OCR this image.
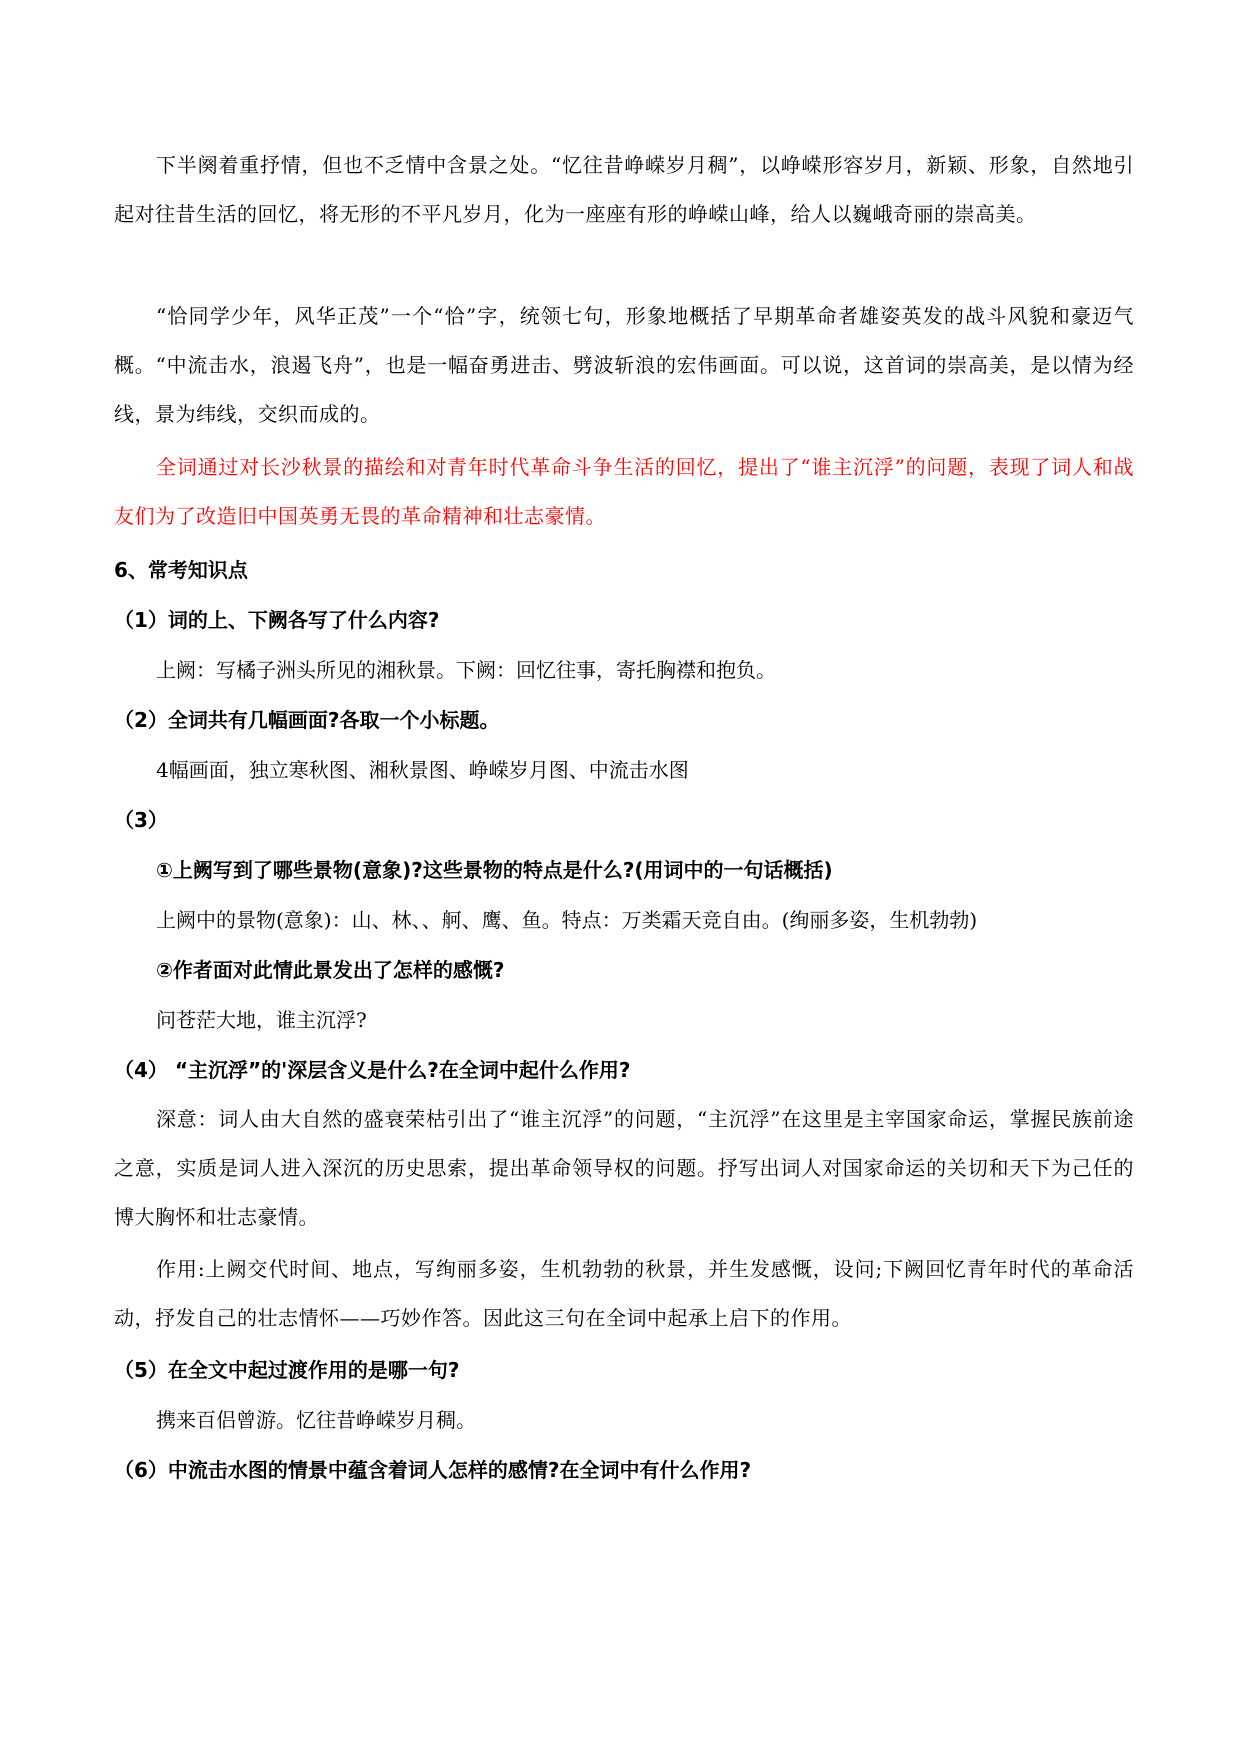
下半阕着重抒情，但也不乏情中含景之处。“忆往昔峥嵘岁月稠”，以峥嵘形容岁月，新颖、形象，自然地引起对往昔生活的回忆，将无形的不平凡岁月，化为一座座有形的峥嵘山峰，给人以巍峨奇丽的崇高美。

“恰同学少年，风华正茂”一个“恰”字，统领七句，形象地概括了早期革命者雄姿英发的战斗风貌和豪迈气概。“中流击水，浪遏飞舟”，也是一幅奋勇进击、劈波斩浪的宏伟画面。可以说，这首词的崇高美，是以情为经线，景为纬线，交织而成的。

全词通过对长沙秋景的描绘和对青年时代革命斗争生活的回忆，提出了“谁主沉浮”的问题，表现了词人和战友们为了改造旧中国英勇无畏的革命精神和壮志豪情。

6、常考知识点

（1）词的上、下阙各写了什么内容?

上阙：写橘子洲头所见的湘秋景。下阙：回忆往事，寄托胸襟和抱负。

（2）全词共有几幅画面?各取一个小标题。

4幅画面，独立寒秋图、湘秋景图、峥嵘岁月图、中流击水图

（3）

①上阙写到了哪些景物(意象)?这些景物的特点是什么?(用词中的一句话概括)

上阙中的景物(意象)：山、林、、舸、鹰、鱼。特点：万类霜天竞自由。(绚丽多姿，生机勃勃)

②作者面对此情此景发出了怎样的感慨?

问苍茫大地，谁主沉浮?

（4） “主沉浮”的'深层含义是什么?在全词中起什么作用?

深意：词人由大自然的盛衰荣枯引出了“谁主沉浮”的问题，“主沉浮”在这里是主宰国家命运，掌握民族前途之意，实质是词人进入深沉的历史思索，提出革命领导权的问题。抒写出词人对国家命运的关切和天下为己任的博大胸怀和壮志豪情。

作用:上阙交代时间、地点，写绚丽多姿，生机勃勃的秋景，并生发感慨，设问;下阙回忆青年时代的革命活动，抒发自己的壮志情怀——巧妙作答。因此这三句在全词中起承上启下的作用。

（5）在全文中起过渡作用的是哪一句?

携来百侣曾游。忆往昔峥嵘岁月稠。

（6）中流击水图的情景中蕴含着词人怎样的感情?在全词中有什么作用?
